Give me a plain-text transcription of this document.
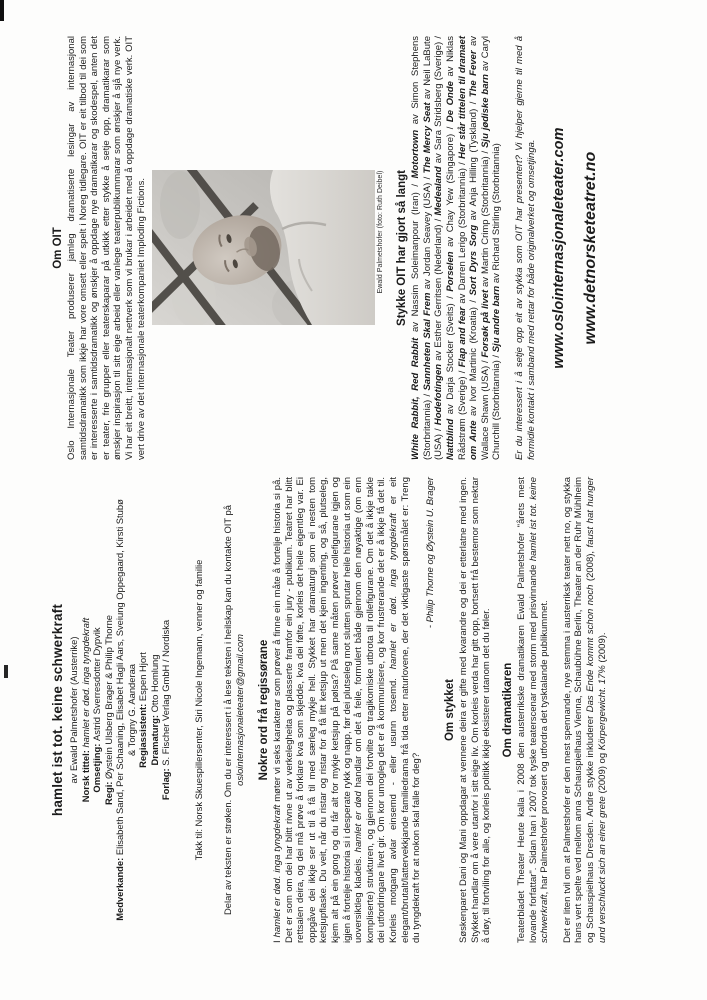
hamlet ist tot. keine schwerkraft av Ewald Palmetshofer (Austerrike) Norsk tittel: hamlet er død. inga tyngdekraft
Omsetjing: Astrid Sverresdotter Dypvik
Regi: Øystein Ulsberg Brager & Philip Thorne
Medverkande: Elisabeth Sand, Per Schaaning, Elisabet Hagli Aars, Sveiung Oppegaard, Kirsti Stubø & Torgny G. Aanderaa Regiassistent: Espen Hjort
Dramaturg: Otto Homlung
Forlag: S. Fischer Verlag GmbH / Nordiska Takk til: Norsk Skuespillersenter, Siri Nicole Ingemann, venner og familie Delar av teksten er strøken. Om du er interessert i å lese teksten i heilskap kan du kontakte OIT på oslointernasjonaleteater@gmail.com Nokre ord frå regissørane

I hamlet er død. inga tyngdekraft møter vi seks karakterar som prøver å finne ein måte å fortelje historia si på. Det er som om dei har blitt rivne ut av verkelegheita og plasserte framfor ein jury - publikum. Teatret har blitt rettsalen deira, og dei må prøve å forklare kva som skjedde, kva dei følte, korleis det heile eigentleg var. Ei oppgåve dei ikkje ser ut til å få til med særleg mykje hell. Stykket har dramaturgi som ei nesten tom ketsjupflaske. Du veit, når du ristar og ristar for å få litt ketsjup ut men det kjem ingenting, og så, plutseleg, kjem alt på ein gong og du får alt for mykje ketsjup på pølsa? På same måten prøver rollefigurane igjen og igjen å fortelje historia si i desperate rykk og napp, før dei plutseleg mot slutten sprutar heile historia ut som ein uoversiktleg kladeis. hamlet er død handlar om det å feile, formulert både gjennom den nøyaktige (om enn kompliserte) strukturen, og gjennom dei fortvilte og tragikomiske utbrota til rollefigurane. Om det å ikkje takle dei utfordringane livet gir. Om kor umogleg det er å kommunisere, og kor frustrerande det er å ikkje få det til. Korleis motgang avlar einsemd - eller usunn tosemd. hamlet er død. inga tyngdekraft er eit elegant/brutalt/lattervekkjande familiedrama frå tida etter naturlovene, der det viktigaste spørsmålet er: Treng du tyngdekraft for at nokon skal falle for deg?

- Philip Thorne og Øystein U. Brager
Om stykket Søskenparet Dani og Mani oppdagar at vennene deira er gifte med kvarandre og dei er etterlatne med ingen. Stykket handlar om å vere utanfor i sitt eige liv. Om korleis verda har gitt opp, bortsett frå bestemor som nektar å døy, til fortviling for alle, og korleis politikk ikkje eksisterer utanom det du føler. Om dramatikaren Teaterbladet Theater Heute kalla i 2008 den austerrikske dramatikaren Ewald Palmetshofer "årets mest lovande forfattar". Sidan han i 2007 tok tyske teaterscenar med storm med prisvinnande hamlet ist tot. keine schwerkraft, har Palmetshofer provosert og utfordra det tysktalande publikummet. Det er liten tvil om at Palmetshofer er den mest spennande, nye stemma i austerriksk teater nett no, og stykka hans vert spelte ved mellom anna Schauspielhaus Vienna, Schaubühne Berlin, Theater an der Ruhr Mühlheim og Schauspielhaus Dresden. Andre stykke inkluderer Das Ende kommt schon noch (2008), faust hat hunger und verschluckt sich an einer grete (2009) og Körpergewicht. 17% (2009).

Om OIT Oslo Internasjonale Teater produserer jamleg dramatiserte lesingar av internasjonal samtidsdramatikk som ikkje har vore omsett eller spelt i Noreg tidlegare. OIT er eit tilbod til dei som er interesserte i samtidsdramatikk og ønskjer å oppdage nye dramatikarar og skodespel, anten det er teater, frie grupper eller teaterskaparar på utkikk etter stykke å setje opp, dramatikarar som ønskjer inspirasjon til sitt eige arbeid eller vanlege teaterpublikummarar som ønskjer å sjå nye verk. Vi har eit breitt, internasjonalt nettverk som vi brukar i arbeidet med å oppdage dramatiske verk. OIT vert drive av det internasjonale teaterkompaniet Imploding Fictions.	Ewald Palmetshofer (foto: Ruth Deibel) Stykke OIT har gjort så langt

White Rabbit, Red Rabbit av Nassim Soleimanpour (Iran) / Motortown av Simon Stephens (Storbritannia) / Sannheten Skal Frem av Jordan Seavey (USA) / The Mercy Seat av Neil LaBute (USA) / Hodefotingen av Esther Gerritsen (Nederland) / Medealand av Sara Stridsberg (Sverige) / Nattblind av Darja Stocker (Sveits) / Porselen av Chay Yew (Singapore) / De Onde av Niklas Rådstrøm (Sverige) / Flap and fear av Darren Lerigo (Storbritannia) / Her står tittelen til dramaet om Ante av Ivor Martinic (Kroatia) / Sort Dyrs Sorg av Anja Hilling (Tyskland) / The Fever av Wallace Shawn (USA) / Forsøk på livet av Martin Crimp (Storbritannia) / Sju jødiske barn av Caryl Churchill (Storbritannia) / Sju andre barn av Richard Stirling (Storbritannia) Er du interessert i å setje opp eit av stykka som OIT har presentert? Vi hjelper gjerne til med å formidle kontakt i samband med rettar for både originalverket og omsetjinga. www.oslointernasjonaleteater.com www.detnorsketeatret.no
